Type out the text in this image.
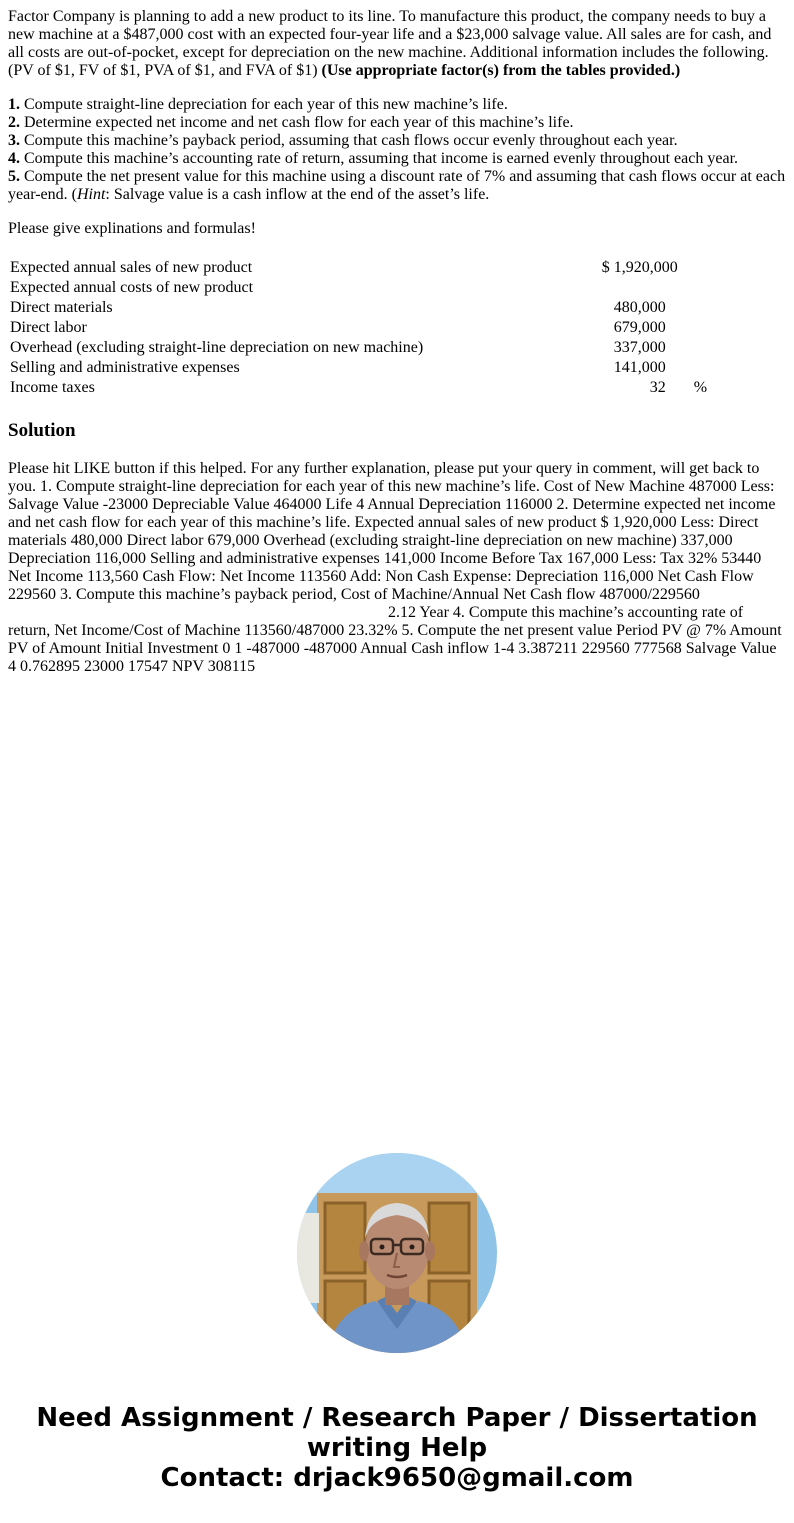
Factor Company is planning to add a new product to its line. To manufacture this product, the company needs to buy a new machine at a $487,000 cost with an expected four-year life and a $23,000 salvage value. All sales are for cash, and all costs are out-of-pocket, except for depreciation on the new machine. Additional information includes the following. (PV of $1, FV of $1, PVA of $1, and FVA of $1) (Use appropriate factor(s) from the tables provided.)

1. Compute straight-line depreciation for each year of this new machine’s life.

2. Determine expected net income and net cash flow for each year of this machine’s life.

3. Compute this machine’s payback period, assuming that cash flows occur evenly throughout each year.

4. Compute this machine’s accounting rate of return, assuming that income is earned evenly throughout each year.

5. Compute the net present value for this machine using a discount rate of 7% and assuming that cash flows occur at each year-end. (Hint: Salvage value is a cash inflow at the end of the asset’s life.

Please give explinations and formulas!

Expected annual sales of new product	$ 1,920,000	
Expected annual costs of new product		
Direct materials	480,000	
Direct labor	679,000	
Overhead (excluding straight-line depreciation on new machine)	337,000	
Selling and administrative expenses	141,000	
Income taxes	32	%
Solution

Please hit LIKE button if this helped. For any further explanation, please put your query in comment, will get back to you. 1. Compute straight-line depreciation for each year of this new machine’s life. Cost of New Machine 487000 Less: Salvage Value -23000 Depreciable Value 464000 Life 4 Annual Depreciation 116000 2. Determine expected net income and net cash flow for each year of this machine’s life. Expected annual sales of new product $ 1,920,000 Less: Direct materials 480,000 Direct labor 679,000 Overhead (excluding straight-line depreciation on new machine) 337,000 Depreciation 116,000 Selling and administrative expenses 141,000 Income Before Tax 167,000 Less: Tax 32% 53440 Net Income 113,560 Cash Flow: Net Income 113560 Add: Non Cash Expense: Depreciation 116,000 Net Cash Flow 229560 3. Compute this machine’s payback period, Cost of Machine/Annual Net Cash flow 487000/2295602.12 Year 4. Compute this machine’s accounting rate of return, Net Income/Cost of Machine 113560/487000 23.32% 5. Compute the net present value Period PV @ 7% Amount PV of Amount Initial Investment 0 1 -487000 -487000 Annual Cash inflow 1-4 3.387211 229560 777568 Salvage Value 4 0.762895 23000 17547 NPV 308115

Need Assignment / Research Paper / Dissertation
writing Help
Contact: drjack9650@gmail.com
